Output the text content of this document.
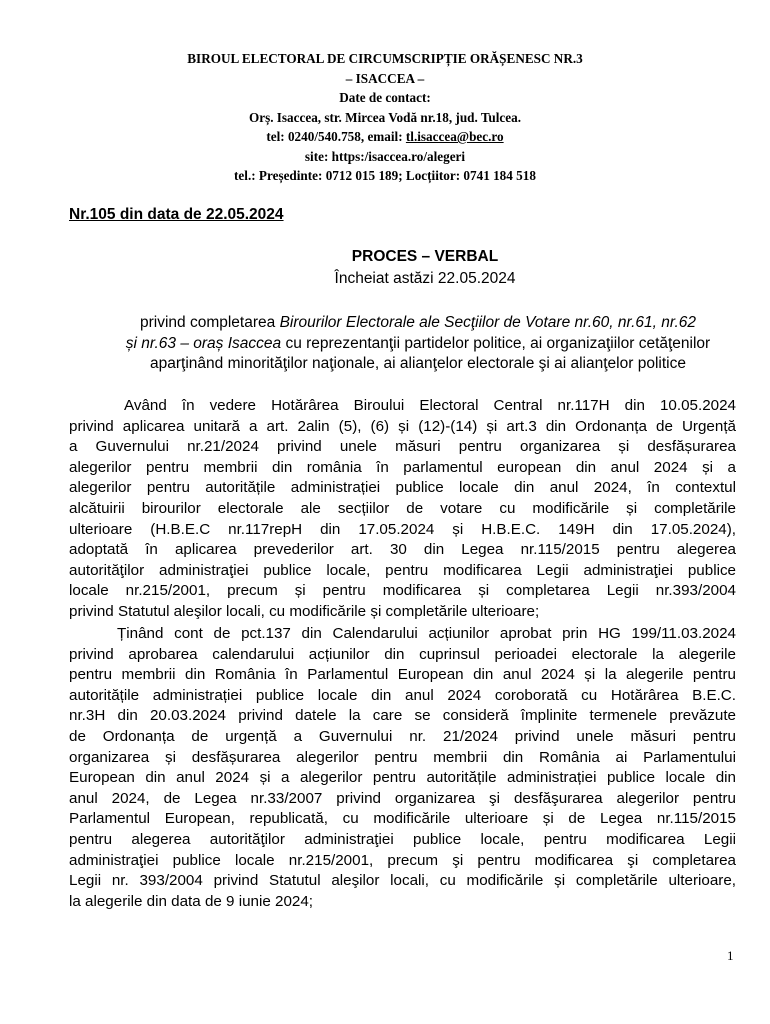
BIROUL ELECTORAL DE CIRCUMSCRIPȚIE ORĂȘENESC NR.3
– ISACCEA –
Date de contact:
Orș. Isaccea, str. Mircea Vodă nr.18, jud. Tulcea.
tel: 0240/540.758, email: tl.isaccea@bec.ro
site: https:/isaccea.ro/alegeri
tel.: Președinte: 0712 015 189; Locțiitor: 0741 184 518
Nr.105 din data de 22.05.2024
PROCES – VERBAL
Încheiat astăzi 22.05.2024
privind completarea Birourilor Electorale ale Secţiilor de Votare nr.60, nr.61, nr.62
și nr.63 – oraș Isaccea cu reprezentanţii partidelor politice, ai organizaţiilor cetăţenilor
aparţinând minorităţilor naţionale, ai alianţelor electorale şi ai alianţelor politice
Având în vedere Hotărârea Biroului Electoral Central nr.117H din 10.05.2024
privind aplicarea unitară a art. 2alin (5), (6) și (12)-(14) și art.3 din Ordonanța de Urgență
a Guvernului nr.21/2024 privind unele măsuri pentru organizarea și desfășurarea
alegerilor pentru membrii din românia în parlamentul european din anul 2024 și a
alegerilor pentru autoritățile administrației publice locale din anul 2024, în contextul
alcătuirii birourilor electorale ale secțiilor de votare cu modificările și completările
ulterioare (H.B.E.C nr.117repH din 17.05.2024 și H.B.E.C. 149H din 17.05.2024),
adoptată în aplicarea prevederilor art. 30 din Legea nr.115/2015 pentru alegerea
autorităţilor administraţiei publice locale, pentru modificarea Legii administraţiei publice
locale nr.215/2001, precum și pentru modificarea și completarea Legii nr.393/2004
privind Statutul aleşilor locali, cu modificările și completările ulterioare;
Ținând cont de pct.137 din Calendarului acțiunilor aprobat prin HG 199/11.03.2024
privind aprobarea calendarului acțiunilor din cuprinsul perioadei electorale la alegerile
pentru membrii din România în Parlamentul European din anul 2024 și la alegerile pentru
autoritățile administrației publice locale din anul 2024 coroborată cu Hotărârea B.E.C.
nr.3H din 20.03.2024 privind datele la care se consideră împlinite termenele prevăzute
de Ordonanța de urgență a Guvernului nr. 21/2024 privind unele măsuri pentru
organizarea și desfășurarea alegerilor pentru membrii din România ai Parlamentului
European din anul 2024 și a alegerilor pentru autoritățile administrației publice locale din
anul 2024, de Legea nr.33/2007 privind organizarea şi desfăşurarea alegerilor pentru
Parlamentul European, republicată, cu modificările ulterioare și de Legea nr.115/2015
pentru alegerea autorităţilor administraţiei publice locale, pentru modificarea Legii
administraţiei publice locale nr.215/2001, precum şi pentru modificarea şi completarea
Legii nr. 393/2004 privind Statutul aleşilor locali, cu modificările și completările ulterioare,
la alegerile din data de 9 iunie 2024;
1
